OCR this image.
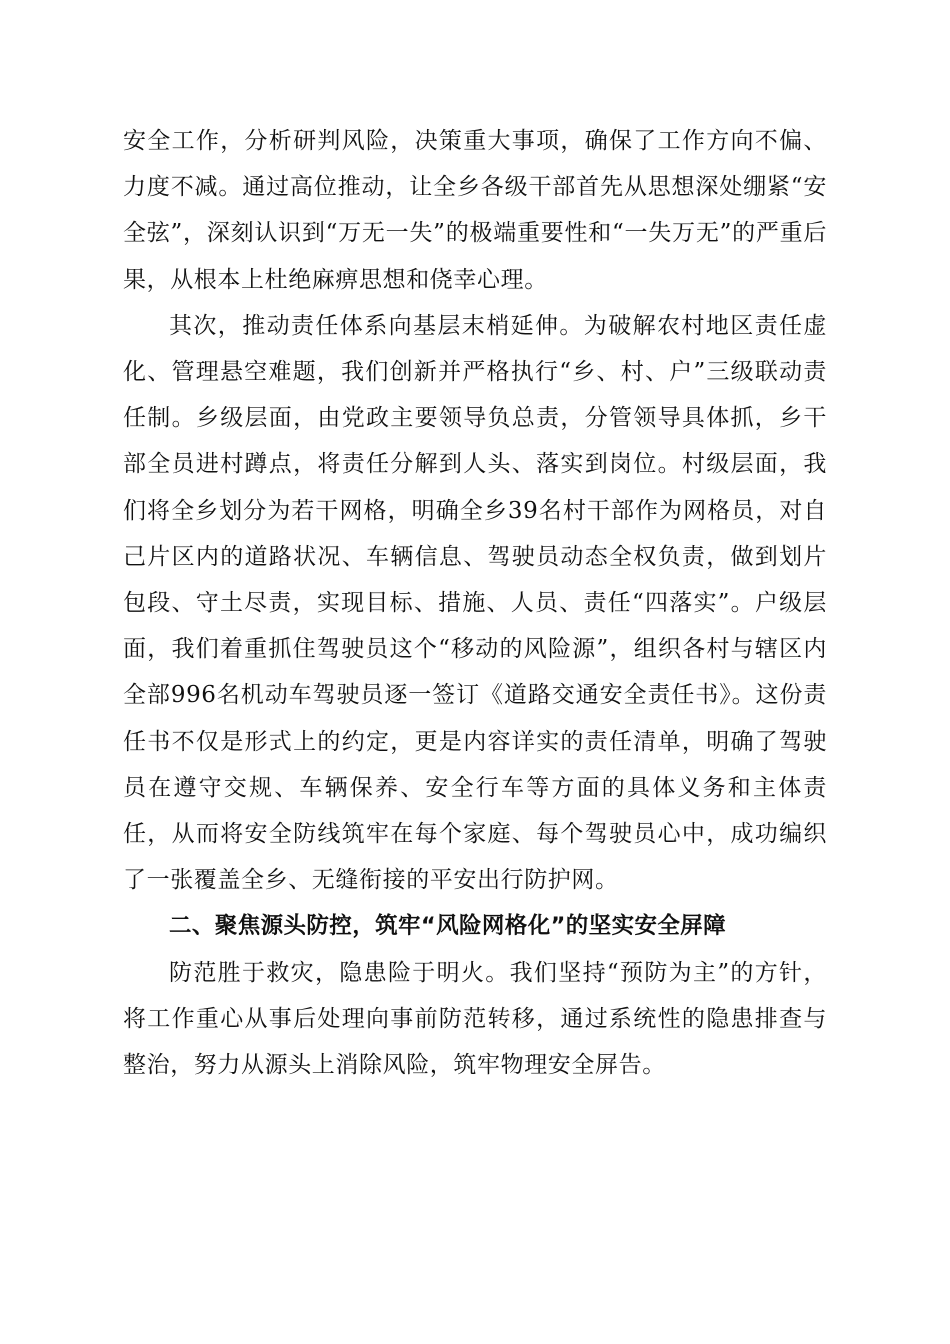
安全工作，分析研判风险，决策重大事项，确保了工作方向不偏、力度不减。通过高位推动，让全乡各级干部首先从思想深处绷紧“安全弦”，深刻认识到“万无一失”的极端重要性和“一失万无”的严重后果，从根本上杜绝麻痹思想和侥幸心理。

其次，推动责任体系向基层末梢延伸。为破解农村地区责任虚化、管理悬空难题，我们创新并严格执行“乡、村、户”三级联动责任制。乡级层面，由党政主要领导负总责，分管领导具体抓，乡干部全员进村蹲点，将责任分解到人头、落实到岗位。村级层面，我们将全乡划分为若干网格，明确全乡39名村干部作为网格员，对自己片区内的道路状况、车辆信息、驾驶员动态全权负责，做到划片包段、守土尽责，实现目标、措施、人员、责任“四落实”。户级层面，我们着重抓住驾驶员这个“移动的风险源”，组织各村与辖区内全部996名机动车驾驶员逐一签订《道路交通安全责任书》。这份责任书不仅是形式上的约定，更是内容详实的责任清单，明确了驾驶员在遵守交规、车辆保养、安全行车等方面的具体义务和主体责任，从而将安全防线筑牢在每个家庭、每个驾驶员心中，成功编织了一张覆盖全乡、无缝衔接的平安出行防护网。

二、聚焦源头防控，筑牢“风险网格化”的坚实安全屏障

防范胜于救灾，隐患险于明火。我们坚持“预防为主”的方针，将工作重心从事后处理向事前防范转移，通过系统性的隐患排查与整治，努力从源头上消除风险，筑牢物理安全屏告。
